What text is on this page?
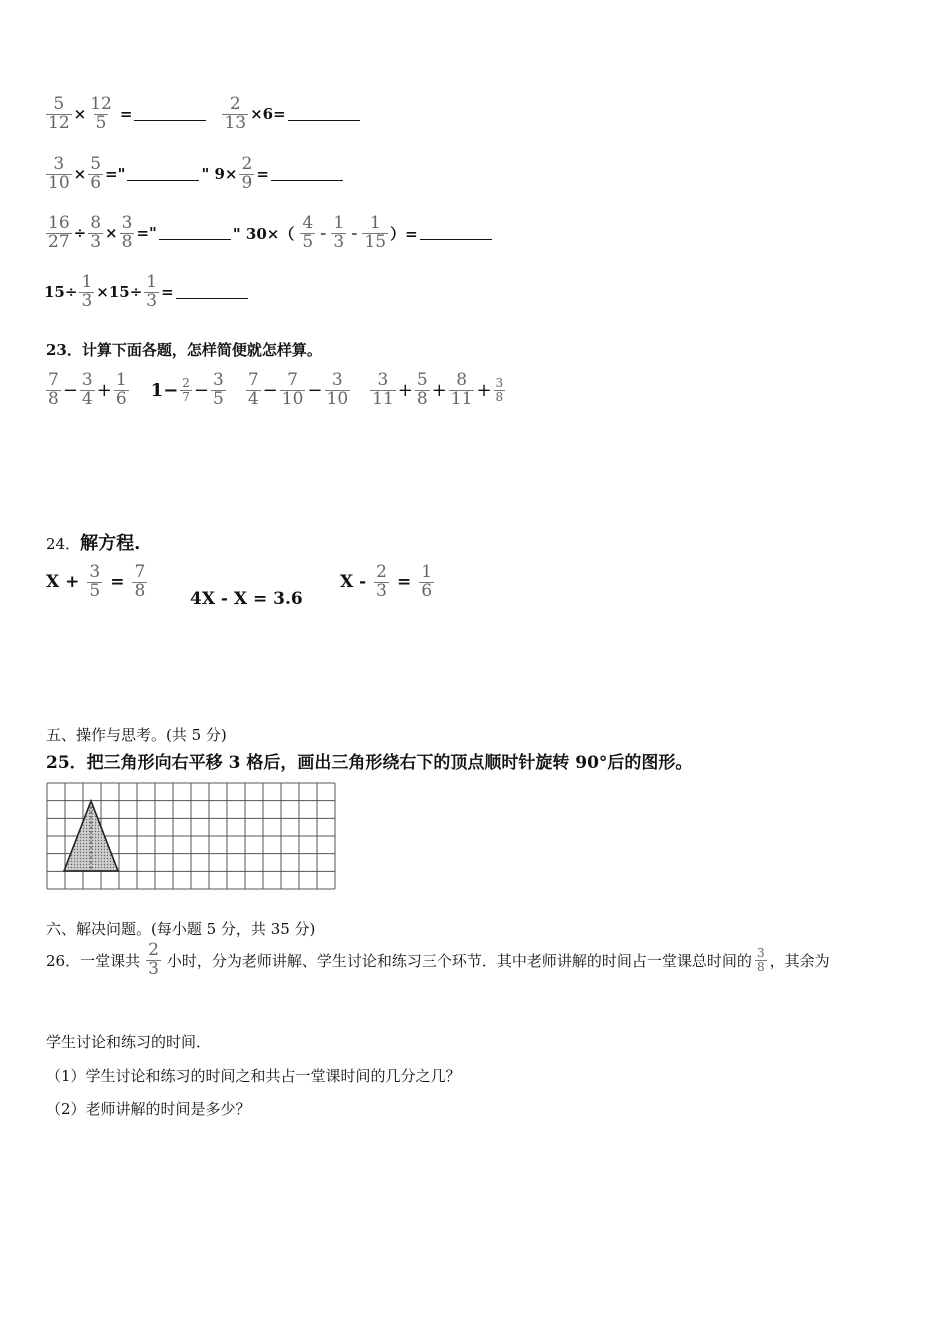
$\frac{5}{12} \times \frac{12}{5}$ =	$\frac{2}{13} \times 6=$
$\frac{3}{10} \times \frac{5}{6}$ ="	" $9\times \frac{2}{9}$ =
$\frac{16}{27} \div \frac{8}{3} \times \frac{3}{8}$ ="	" $30\times( \frac{4}{5} - \frac{1}{3} - \frac{1}{15}$ ）=
$15\div \frac{1}{3} \times 15\div \frac{1}{3}$ =
23．计算下面各题，怎样简便就怎样算。
$\frac{7}{8} - \frac{3}{4} + \frac{1}{6} 1- \frac{2}{7} - \frac{3}{5} \frac{7}{4} - \frac{7}{10} - \frac{3}{10} \frac{3}{11} + \frac{5}{8} + \frac{8}{11} + \frac{3}{8}$
24．解方程.
$X + \frac{3}{5} = \frac{7}{8}$	4X - X = 3.6
$X - \frac{2}{3} = \frac{1}{6}$
五、操作与思考。(共 5 分)
25．把三角形向右平移 3 格后，画出三角形绕右下的顶点顺时针旋转 90°后的图形。
六、解决问题。(每小题 5 分，共 35 分)
26．一堂课共 $\frac{2}{3}$ 小时，分为老师讲解、学生讨论和练习三个环节．其中老师讲解的时间占一堂课总时间的 $\frac{3}{8}$ ，其余为
学生讨论和练习的时间．
（1）学生讨论和练习的时间之和共占一堂课时间的几分之几？
（2）老师讲解的时间是多少？
